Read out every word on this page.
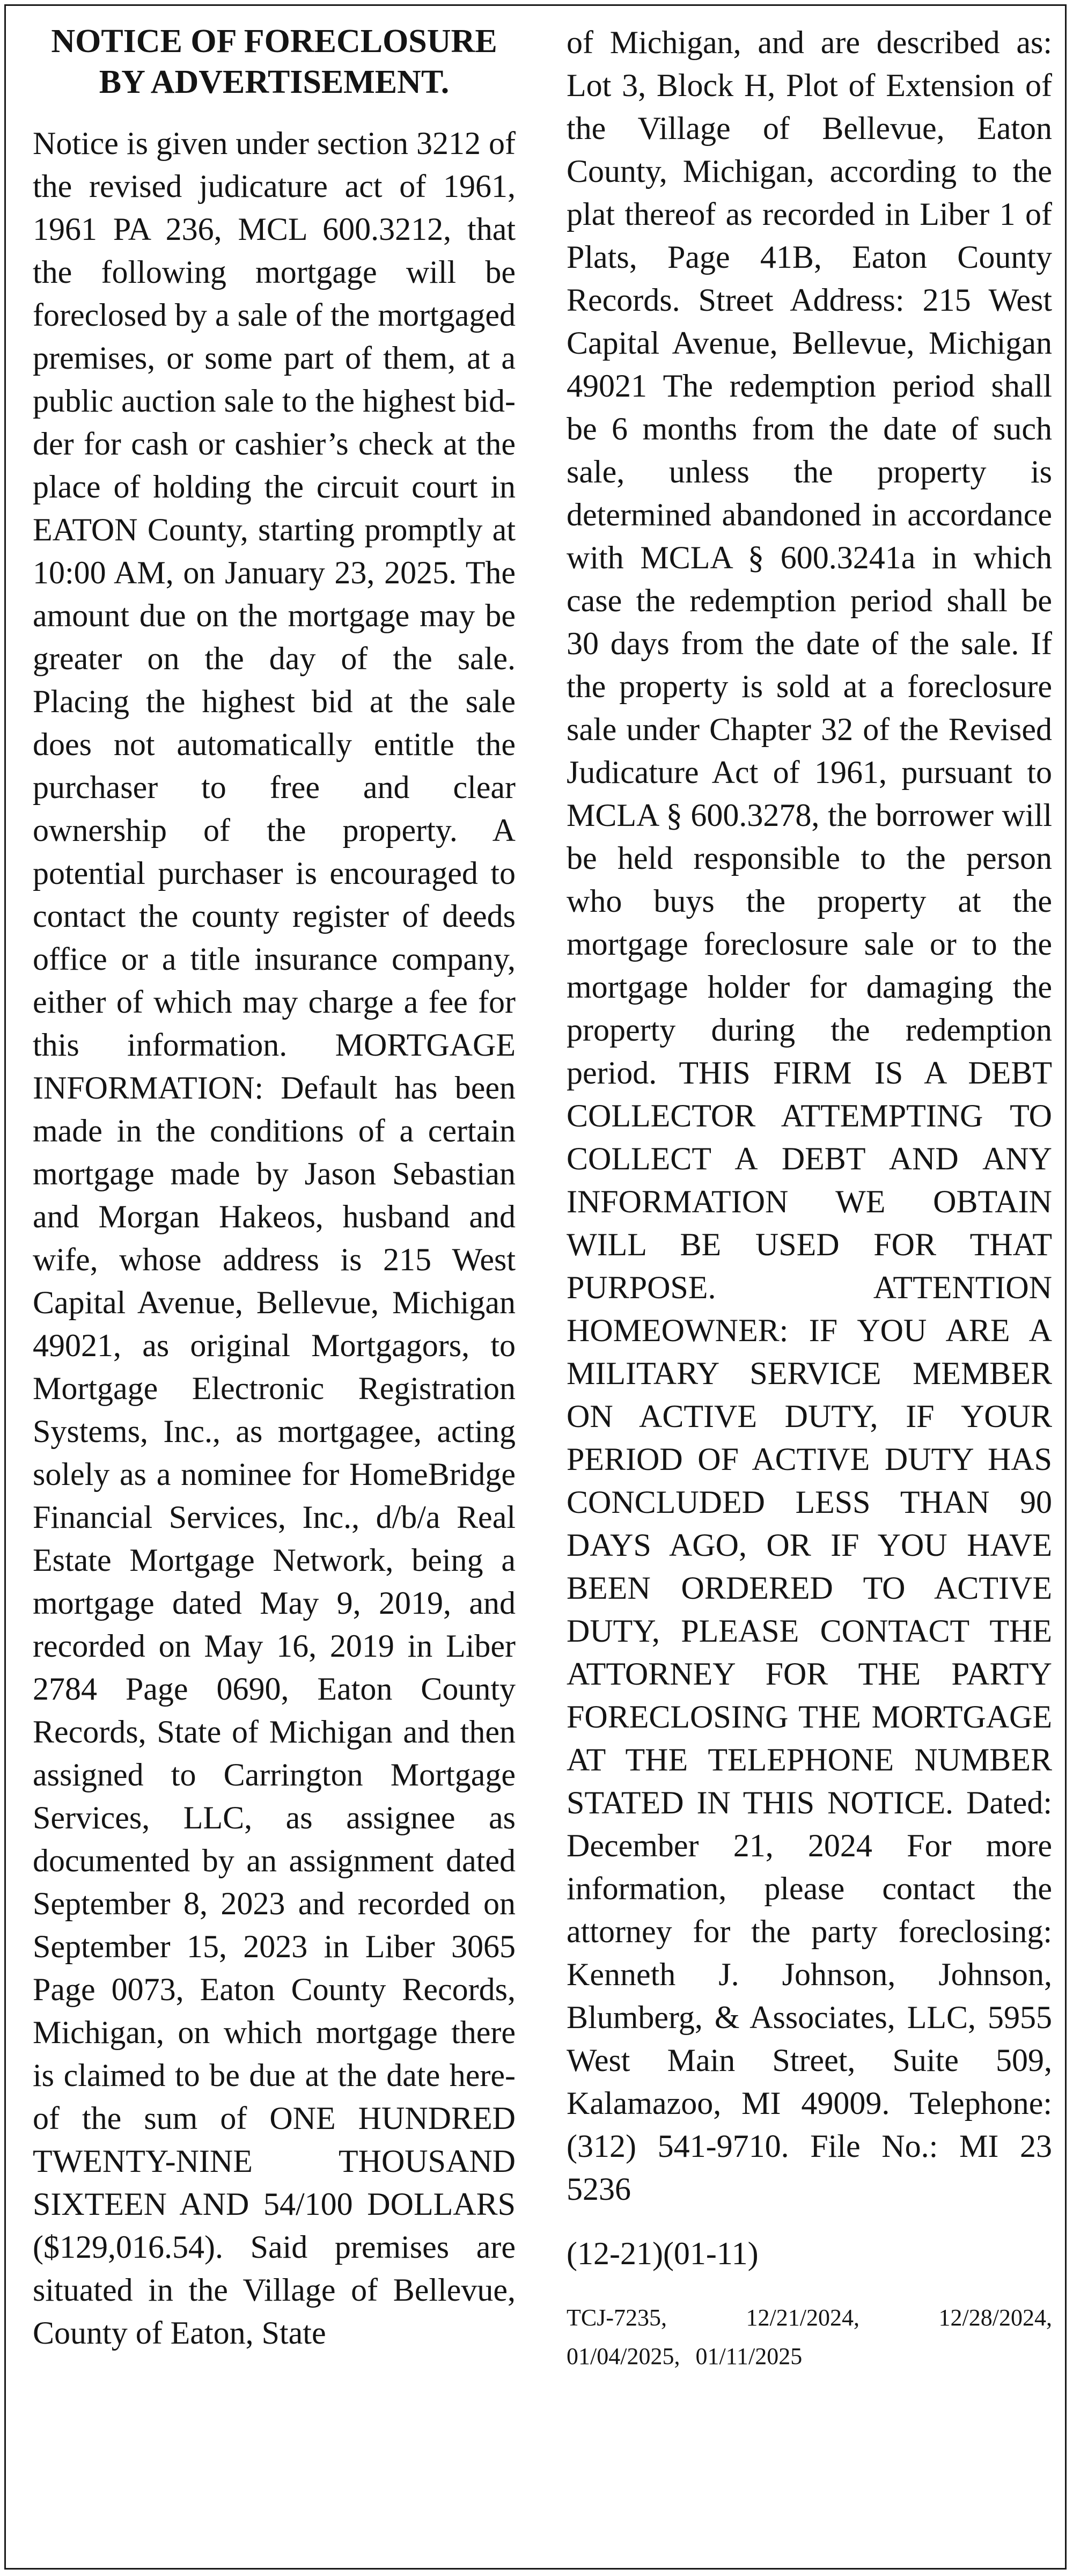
NOTICE OF FORECLOSURE
BY ADVERTISEMENT.

Notice is given under section 3212 of the revised judicature act of 1961, 1961 PA 236, MCL 600.3212, that the following mortgage will be foreclosed by a sale of the mortgaged premises, or some part of them, at a public auction sale to the highest bidder for cash or cashier’s check at the place of holding the circuit court in EATON County, starting promptly at 10:00 AM, on January 23, 2025. The amount due on the mortgage may be greater on the day of the sale. Placing the highest bid at the sale does not automatically entitle the purchaser to free and clear ownership of the property. A potential purchaser is encouraged to contact the county register of deeds office or a title insurance company, either of which may charge a fee for this information. MORTGAGE INFORMATION: Default has been made in the conditions of a certain mortgage made by Jason Sebastian and Morgan Hakeos, husband and wife, whose address is 215 West Capital Avenue, Bellevue, Michigan 49021, as original Mortgagors, to Mortgage Electronic Registration Systems, Inc., as mortgagee, acting solely as a nominee for HomeBridge Financial Services, Inc., d/b/a Real Estate Mortgage Network, being a mortgage dated May 9, 2019, and recorded on May 16, 2019 in Liber 2784 Page 0690, Eaton County Records, State of Michigan and then assigned to Carrington Mortgage Services, LLC, as assignee as documented by an assignment dated September 8, 2023 and recorded on September 15, 2023 in Liber 3065 Page 0073, Eaton County Records, Michigan, on which mortgage there is claimed to be due at the date hereof the sum of ONE HUNDRED TWENTY-NINE THOUSAND SIXTEEN AND 54/100 DOLLARS ($129,016.54). Said premises are situated in the Village of Bellevue, County of Eaton, State

of Michigan, and are described as: Lot 3, Block H, Plot of Extension of the Village of Bellevue, Eaton County, Michigan, according to the plat thereof as recorded in Liber 1 of Plats, Page 41B, Eaton County Records. Street Address: 215 West Capital Avenue, Bellevue, Michigan 49021 The redemption period shall be 6 months from the date of such sale, unless the property is determined abandoned in accordance with MCLA § 600.3241a in which case the redemption period shall be 30 days from the date of the sale. If the property is sold at a foreclosure sale under Chapter 32 of the Revised Judicature Act of 1961, pursuant to MCLA § 600.3278, the borrower will be held responsible to the person who buys the property at the mortgage foreclosure sale or to the mortgage holder for damaging the property during the redemption period. THIS FIRM IS A DEBT COLLECTOR ATTEMPTING TO COLLECT A DEBT AND ANY INFORMATION WE OBTAIN WILL BE USED FOR THAT PURPOSE. ATTENTION HOMEOWNER: IF YOU ARE A MILITARY SERVICE MEMBER ON ACTIVE DUTY, IF YOUR PERIOD OF ACTIVE DUTY HAS CONCLUDED LESS THAN 90 DAYS AGO, OR IF YOU HAVE BEEN ORDERED TO ACTIVE DUTY, PLEASE CONTACT THE ATTORNEY FOR THE PARTY FORECLOSING THE MORTGAGE AT THE TELEPHONE NUMBER STATED IN THIS NOTICE. Dated: December 21, 2024 For more information, please contact the attorney for the party foreclosing: Kenneth J. Johnson, Johnson, Blumberg, & Associates, LLC, 5955 West Main Street, Suite 509, Kalamazoo, MI 49009. Telephone: (312) 541-9710. File No.: MI 23 5236

(12-21)(01-11)

TCJ-7235, 12/21/2024, 12/28/2024, 01/04/2025, 01/11/2025
